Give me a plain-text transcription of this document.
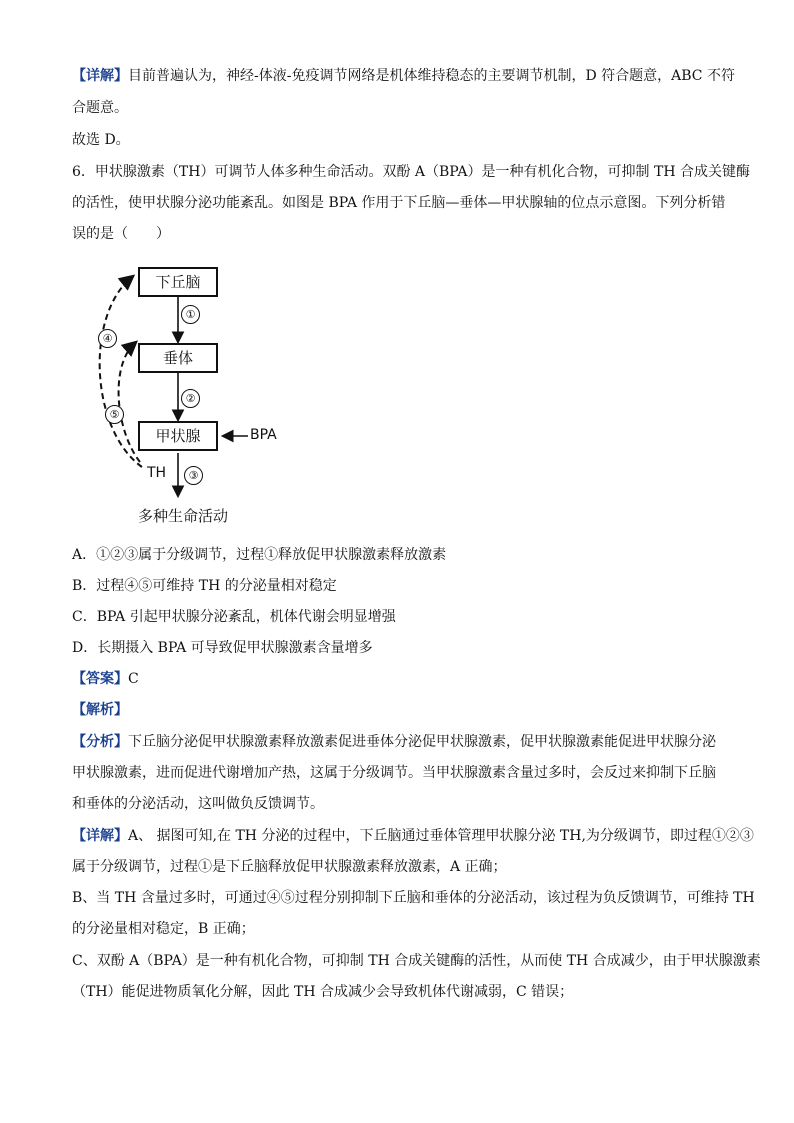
【详解】目前普遍认为，神经-体液-免疫调节网络是机体维持稳态的主要调节机制，D 符合题意，ABC 不符
合题意。
故选 D。
6．甲状腺激素（TH）可调节人体多种生命活动。双酚 A（BPA）是一种有机化合物，可抑制 TH 合成关键酶
的活性，使甲状腺分泌功能紊乱。如图是 BPA 作用于下丘脑—垂体—甲状腺轴的位点示意图。下列分析错
误的是（　　）
下丘脑
垂体
甲状腺
①
②
③
④
⑤
BPA
TH
多种生命活动
A．①②③属于分级调节，过程①释放促甲状腺激素释放激素
B．过程④⑤可维持 TH 的分泌量相对稳定
C．BPA 引起甲状腺分泌紊乱，机体代谢会明显增强
D．长期摄入 BPA 可导致促甲状腺激素含量增多
【答案】C
【解析】
【分析】下丘脑分泌促甲状腺激素释放激素促进垂体分泌促甲状腺激素，促甲状腺激素能促进甲状腺分泌
甲状腺激素，进而促进代谢增加产热，这属于分级调节。当甲状腺激素含量过多时，会反过来抑制下丘脑
和垂体的分泌活动，这叫做负反馈调节。
【详解】A、 据图可知,在 TH 分泌的过程中，下丘脑通过垂体管理甲状腺分泌 TH,为分级调节，即过程①②③
属于分级调节，过程①是下丘脑释放促甲状腺激素释放激素，A 正确；
B、当 TH 含量过多时，可通过④⑤过程分别抑制下丘脑和垂体的分泌活动，该过程为负反馈调节，可维持 TH
的分泌量相对稳定，B 正确；
C、双酚 A（BPA）是一种有机化合物，可抑制 TH 合成关键酶的活性，从而使 TH 合成减少，由于甲状腺激素
（TH）能促进物质氧化分解，因此 TH 合成减少会导致机体代谢减弱，C 错误；
